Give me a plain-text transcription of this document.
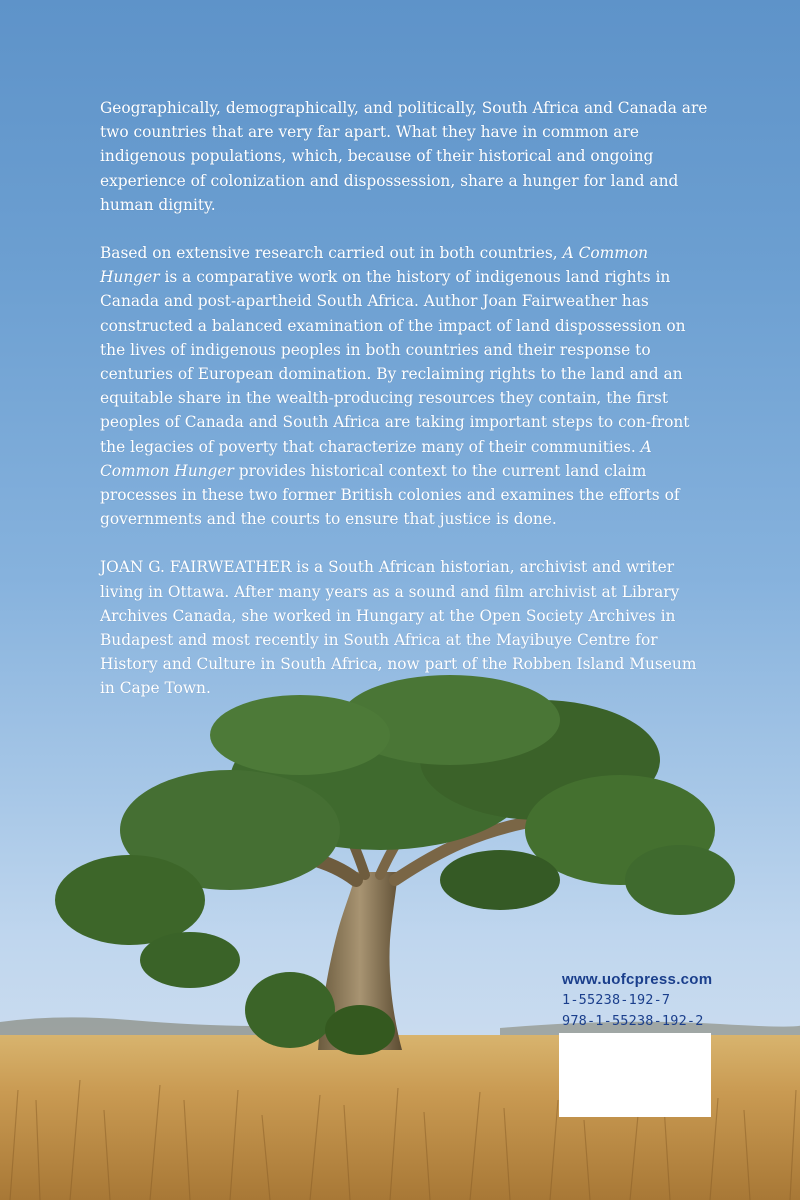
Geographically, demographically, and politically, South Africa and Canada are two countries that are very far apart. What they have in common are indigenous populations, which, because of their historical and ongoing experience of colonization and dispossession, share a hunger for land and human dignity.

Based on extensive research carried out in both countries, A Common Hunger is a comparative work on the history of indigenous land rights in Canada and post-apartheid South Africa. Author Joan Fairweather has constructed a balanced examination of the impact of land dispossession on the lives of indigenous peoples in both countries and their response to centuries of European domination. By reclaiming rights to the land and an equitable share in the wealth-producing resources they contain, the first peoples of Canada and South Africa are taking important steps to con-front the legacies of poverty that characterize many of their communities. A Common Hunger provides historical context to the current land claim processes in these two former British colonies and examines the efforts of governments and the courts to ensure that justice is done.

JOAN G. FAIRWEATHER is a South African historian, archivist and writer living in Ottawa. After many years as a sound and film archivist at Library Archives Canada, she worked in Hungary at the Open Society Archives in Budapest and most recently in South Africa at the Mayibuye Centre for History and Culture in South Africa, now part of the Robben Island Museum in Cape Town.

www.uofcpress.com
1-55238-192-7
978-1-55238-192-2
